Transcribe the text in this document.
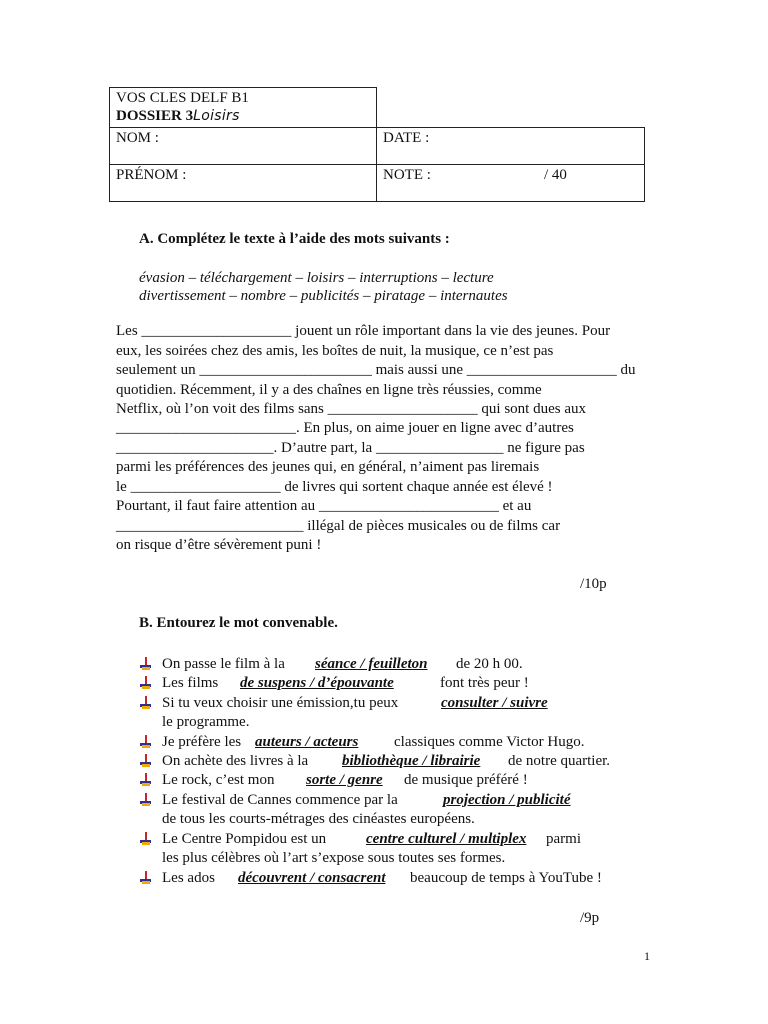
VOS CLES DELF B1
DOSSIER 3Loisirs
NOM :	DATE :
PRÉNOM :	NOTE :	/ 40
A. Complétez le texte à l’aide des mots suivants :
évasion – téléchargement – loisirs – interruptions – lecture
divertissement – nombre – publicités – piratage – internautes
Les ____________________ jouent un rôle important dans la vie des jeunes. Pour
eux, les soirées chez des amis, les boîtes de nuit, la musique, ce n’est pas
seulement un _______________________ mais aussi une ____________________ du
quotidien. Récemment, il y a des chaînes en ligne très réussies, comme
Netflix, où l’on voit des films sans ____________________ qui sont dues aux
________________________. En plus, on aime jouer en ligne avec d’autres
_____________________. D’autre part, la _________________ ne figure pas
parmi les préférences des jeunes qui, en général, n’aiment pas liremais
le ____________________ de livres qui sortent chaque année est élevé !
Pourtant, il faut faire attention au ________________________ et au
_________________________ illégal de pièces musicales ou de films car
on risque d’être sévèrement puni !
/10p
B. Entourez le mot convenable.
On passe le film à la séance / feuilleton de 20 h 00.
Les films de suspens / d’épouvante	font très peur !
Si tu veux choisir une émission,tu peux	consulter / suivre
le programme.
Je préfère les auteurs / acteurs classiques comme Victor Hugo.
On achète des livres à la bibliothèque / librairie de notre quartier.
Le rock, c’est mon sorte / genre de musique préféré !
Le festival de Cannes commence par la	projection / publicité
de tous les courts-métrages des cinéastes européens.
Le Centre Pompidou est un	centre culturel / multiplex parmi
les plus célèbres où l’art s’expose sous toutes ses formes.
Les ados découvrent / consacrent beaucoup de temps à YouTube !
/9p
1
